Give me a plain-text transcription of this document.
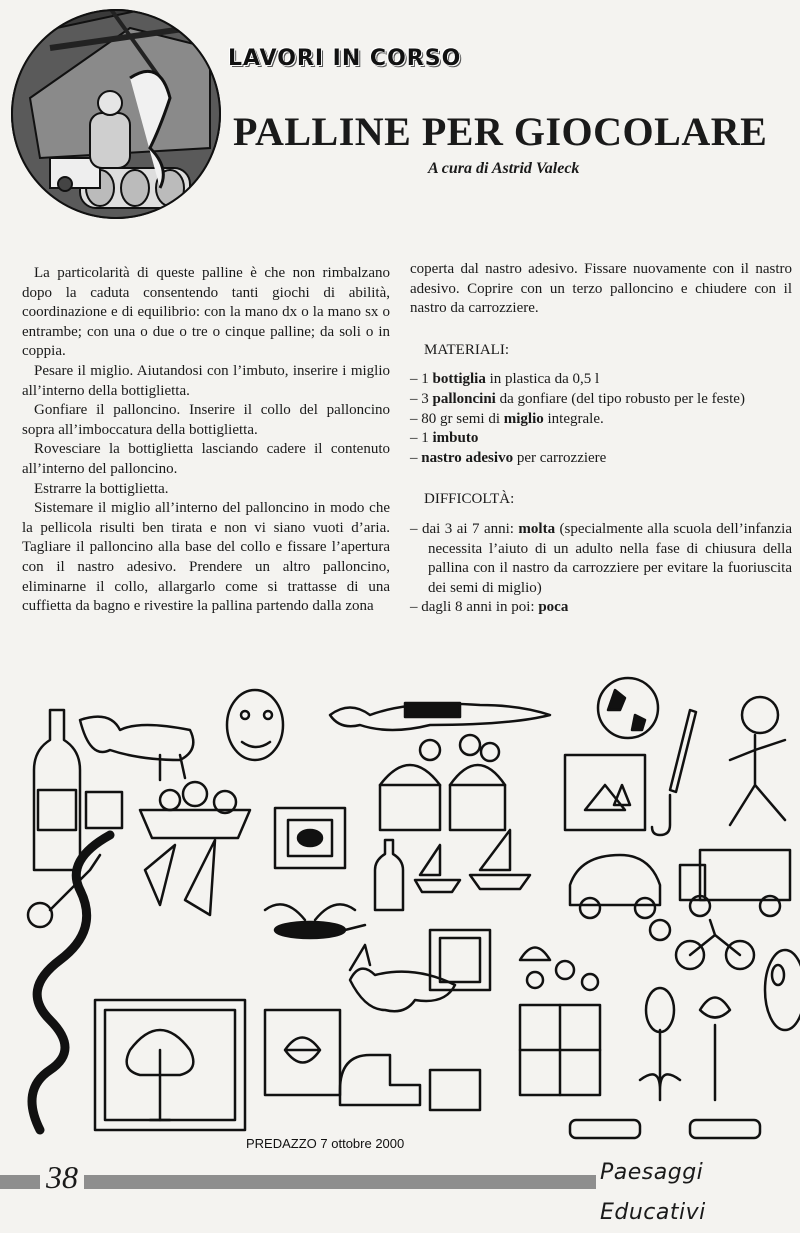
LAVORI IN CORSO
PALLINE PER GIOCOLARE
A cura di Astrid Valeck

La particolarità di queste palline è che non rimbalzano dopo la caduta consentendo tanti giochi di abilità, coordinazione e di equilibrio: con la mano dx o la mano sx o entrambe; con una o due o tre o cinque palline; da soli o in coppia.

Pesare il miglio. Aiutandosi con l’imbuto, inserire i miglio all’interno della bottiglietta.

Gonfiare il palloncino. Inserire il collo del palloncino sopra all’imboccatura della bottiglietta.

Rovesciare la bottiglietta lasciando cadere il contenuto all’interno del palloncino.

Estrarre la bottiglietta.

Sistemare il miglio all’interno del palloncino in modo che la pellicola risulti ben tirata e non vi siano vuoti d’aria. Tagliare il palloncino alla base del collo e fissare l’apertura con il nastro adesivo. Prendere un altro palloncino, eliminarne il collo, allargarlo come si trattasse di una cuffietta da bagno e rivestire la pallina partendo dalla zona

coperta dal nastro adesivo. Fissare nuovamente con il nastro adesivo. Coprire con un terzo palloncino e chiudere con il nastro da carrozziere.

MATERIALI:

– 1 bottiglia in plastica da 0,5 l
– 3 palloncini da gonfiare (del tipo robusto per le feste)
– 80 gr semi di miglio integrale.
– 1 imbuto
– nastro adesivo per carrozziere

DIFFICOLTÀ:

– dai 3 ai 7 anni: molta (specialmente alla scuola dell’infanzia necessita l’aiuto di un adulto nella fase di chiusura della pallina con il nastro da carrozziere per evitare la fuoriuscita dei semi di miglio)
– dagli 8 anni in poi: poca
PREDAZZO 7 ottobre 2000
38	Paesaggi Educativi
